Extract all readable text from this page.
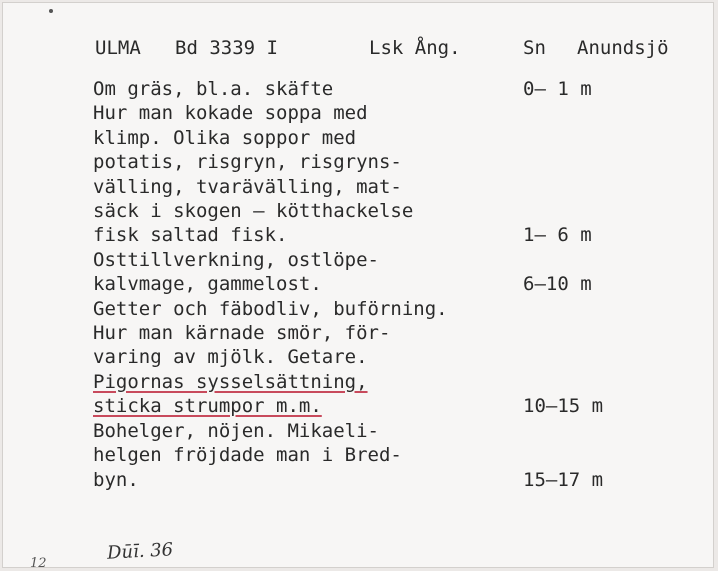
ULMA Bd 3339 I	Lsk Ång.	Sn Anundsjö
Om gräs, bl.a. skäfte	0– 1 m
Hur man kokade soppa med
klimp. Olika soppor med
potatis, risgryn, risgryns-
välling, tvarävälling, mat-
säck i skogen – kötthackelse
fisk saltad fisk.	1– 6 m
Osttillverkning, ostlöpe-
kalvmage, gammelost.	6–10 m
Getter och fäbodliv, buförning.
Hur man kärnade smör, för-
varing av mjölk. Getare.
Pigornas sysselsättning,
sticka strumpor m.m.	10–15 m
Bohelger, nöjen. Mikaeli-
helgen fröjdade man i Bred-
byn.	15–17 m
Dūī. 36
12
